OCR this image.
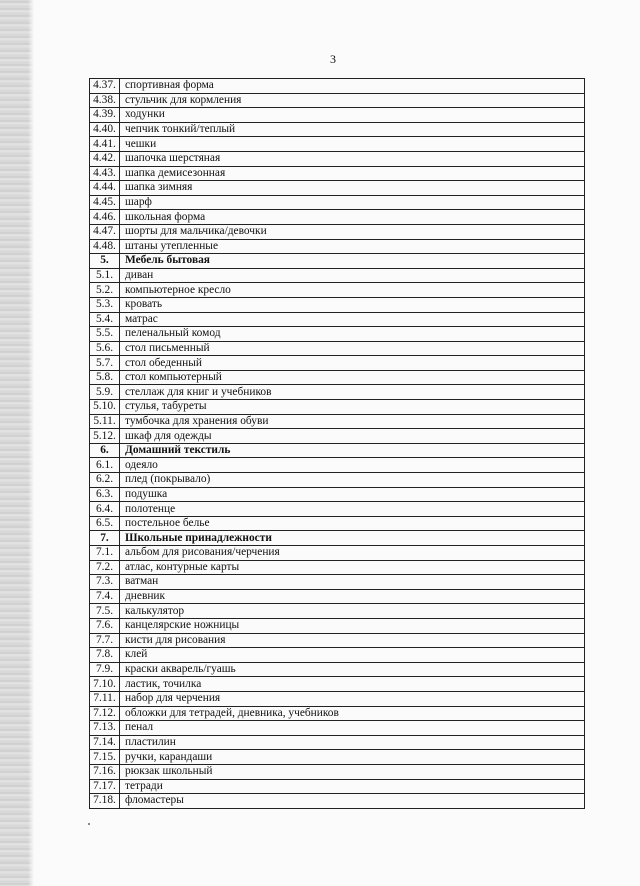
3
4.37.	спортивная форма
4.38.	стульчик для кормления
4.39.	ходунки
4.40.	чепчик тонкий/теплый
4.41.	чешки
4.42.	шапочка шерстяная
4.43.	шапка демисезонная
4.44.	шапка зимняя
4.45.	шарф
4.46.	школьная форма
4.47.	шорты для мальчика/девочки
4.48.	штаны утепленные
5.	Мебель бытовая
5.1.	диван
5.2.	компьютерное кресло
5.3.	кровать
5.4.	матрас
5.5.	пеленальный комод
5.6.	стол письменный
5.7.	стол обеденный
5.8.	стол компьютерный
5.9.	стеллаж для книг и учебников
5.10.	стулья, табуреты
5.11.	тумбочка для хранения обуви
5.12.	шкаф для одежды
6.	Домашний текстиль
6.1.	одеяло
6.2.	плед (покрывало)
6.3.	подушка
6.4.	полотенце
6.5.	постельное белье
7.	Школьные принадлежности
7.1.	альбом для рисования/черчения
7.2.	атлас, контурные карты
7.3.	ватман
7.4.	дневник
7.5.	калькулятор
7.6.	канцелярские ножницы
7.7.	кисти для рисования
7.8.	клей
7.9.	краски акварель/гуашь
7.10.	ластик, точилка
7.11.	набор для черчения
7.12.	обложки для тетрадей, дневника, учебников
7.13.	пенал
7.14.	пластилин
7.15.	ручки, карандаши
7.16.	рюкзак школьный
7.17.	тетради
7.18.	фломастеры
